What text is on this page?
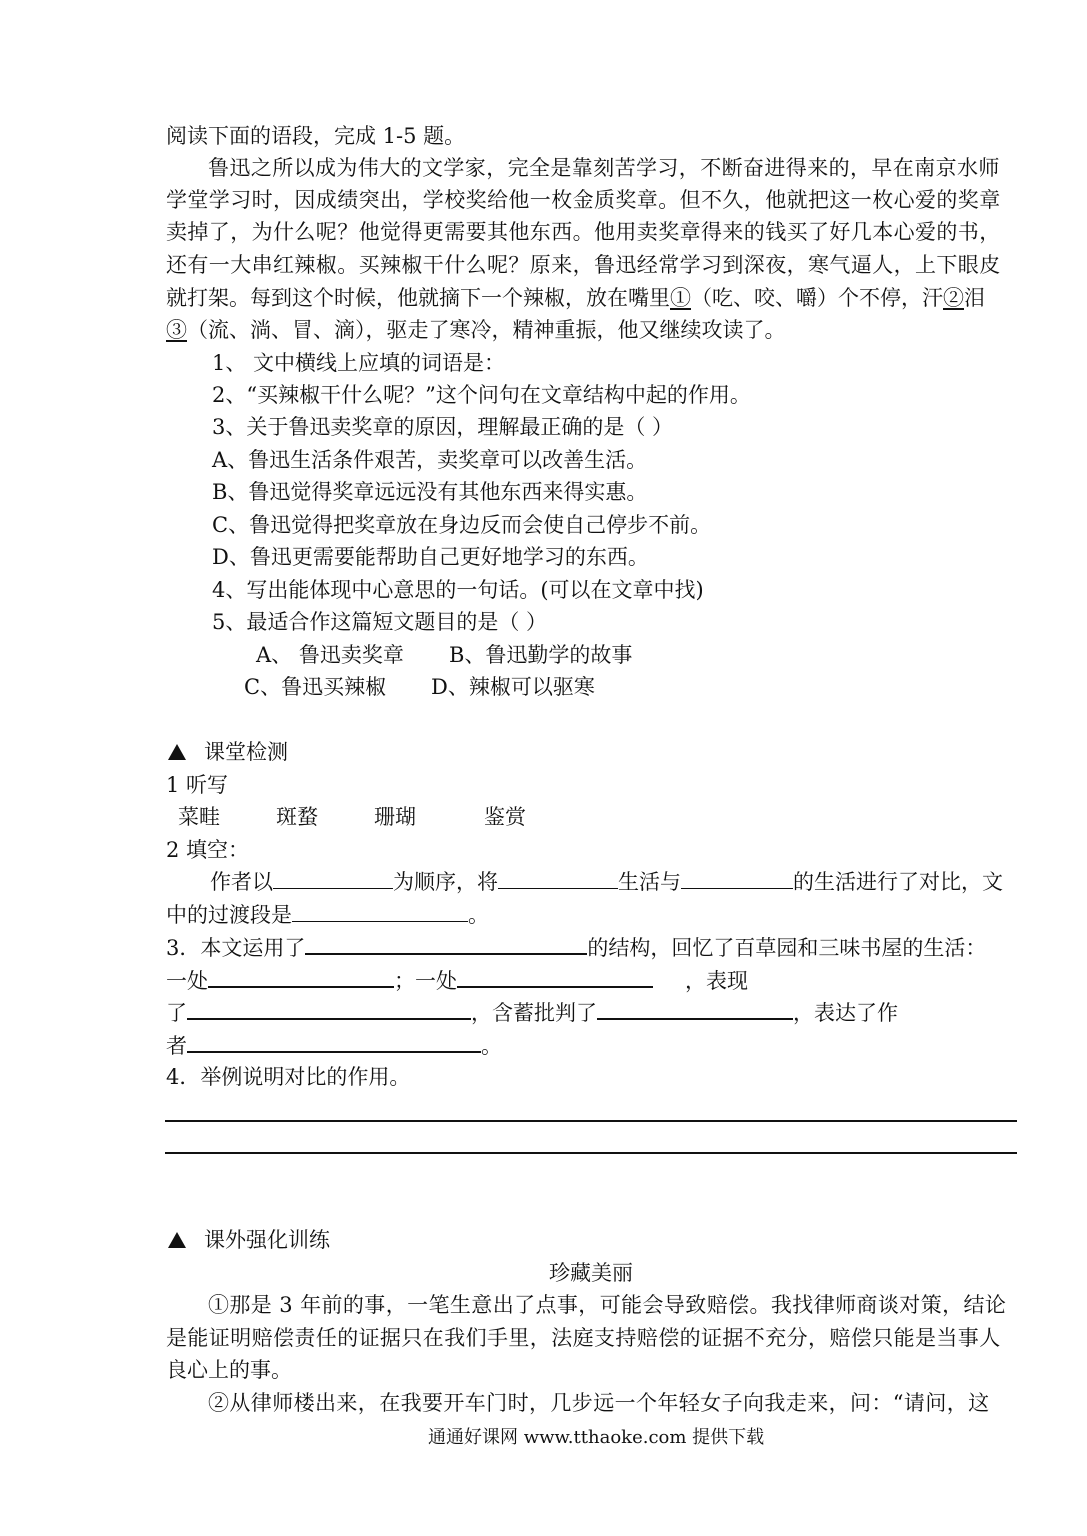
阅读下面的语段，完成 1-5 题。
鲁迅之所以成为伟大的文学家，完全是靠刻苦学习，不断奋进得来的，早在南京水师
学堂学习时，因成绩突出，学校奖给他一枚金质奖章。但不久，他就把这一枚心爱的奖章
卖掉了，为什么呢？他觉得更需要其他东西。他用卖奖章得来的钱买了好几本心爱的书，
还有一大串红辣椒。买辣椒干什么呢？原来，鲁迅经常学习到深夜，寒气逼人，上下眼皮
就打架。每到这个时候，他就摘下一个辣椒，放在嘴里①（吃、咬、嚼）个不停，汗②泪
③（流、淌、冒、滴），驱走了寒冷，精神重振，他又继续攻读了。
1、 文中横线上应填的词语是：
2、“买辣椒干什么呢？”这个问句在文章结构中起的作用。
3、关于鲁迅卖奖章的原因，理解最正确的是（ ）
A、鲁迅生活条件艰苦，卖奖章可以改善生活。
B、鲁迅觉得奖章远远没有其他东西来得实惠。
C、鲁迅觉得把奖章放在身边反而会使自己停步不前。
D、鲁迅更需要能帮助自己更好地学习的东西。
4、写出能体现中心意思的一句话。(可以在文章中找)
5、最适合作这篇短文题目的是（ ）
A、 鲁迅卖奖章 B、鲁迅勤学的故事
C、鲁迅买辣椒 D、辣椒可以驱寒
课堂检测
1 听写
菜畦	斑蝥	珊瑚	鉴赏
2 填空：
作者以	为顺序，将	生活与	的生活进行了对比，文
中的过渡段是	。
3．本文运用了	的结构，回忆了百草园和三味书屋的生活：
一处	；一处	，表现
了	，含蓄批判了	，表达了作
者	。
4．举例说明对比的作用。
课外强化训练
珍藏美丽
①那是 3 年前的事，一笔生意出了点事，可能会导致赔偿。我找律师商谈对策，结论
是能证明赔偿责任的证据只在我们手里，法庭支持赔偿的证据不充分，赔偿只能是当事人
良心上的事。
②从律师楼出来，在我要开车门时，几步远一个年轻女子向我走来，问：“请问，这
通通好课网 www.tthaoke.com 提供下载
